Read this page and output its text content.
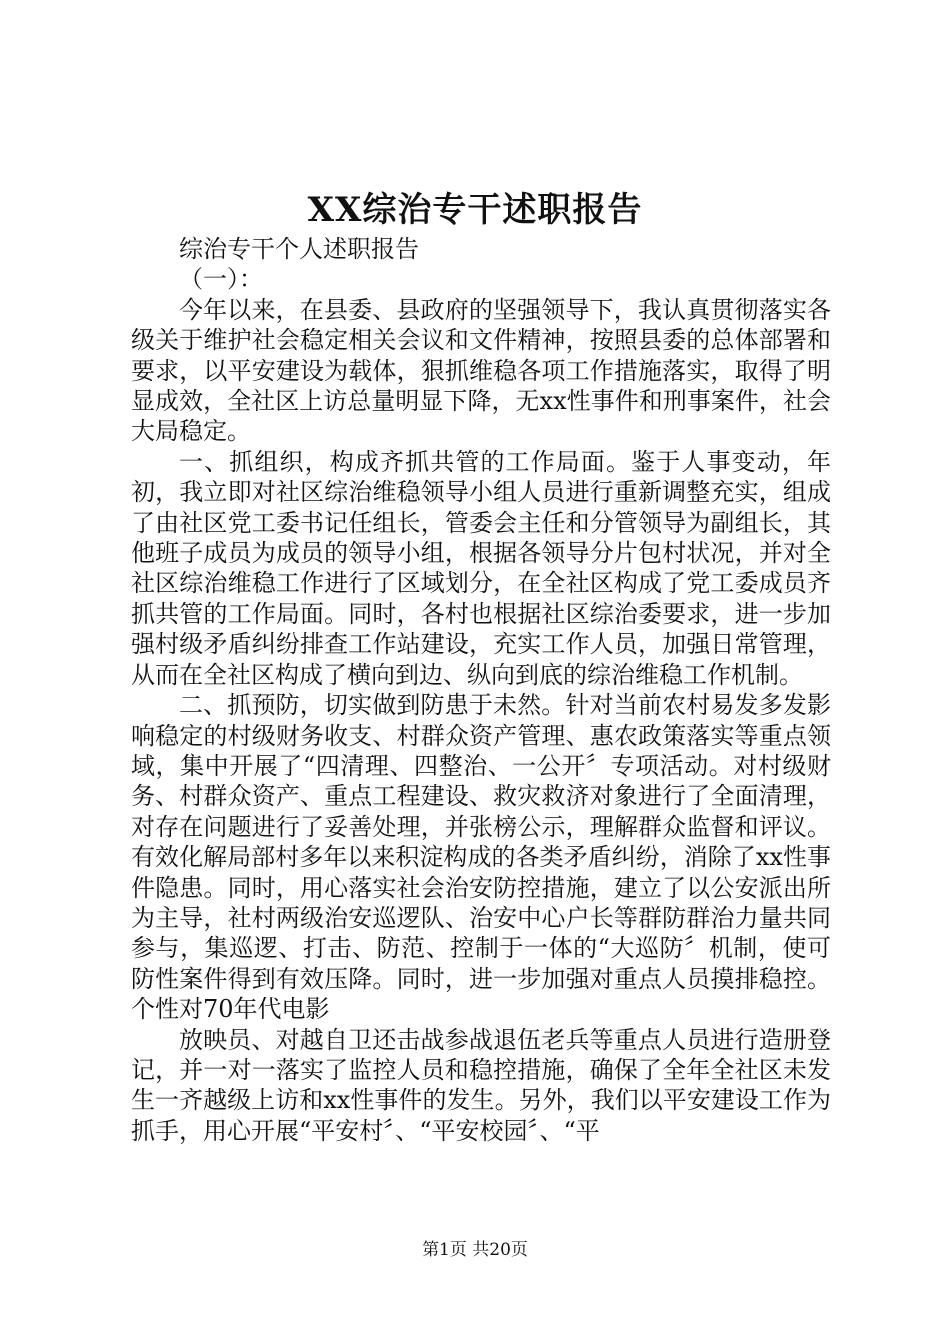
XX综治专干述职报告

综治专干个人述职报告

（一）：

今年以来，在县委、县政府的坚强领导下，我认真贯彻落实各级关于维护社会稳定相关会议和文件精神，按照县委的总体部署和要求，以平安建设为载体，狠抓维稳各项工作措施落实，取得了明显成效，全社区上访总量明显下降，无xx性事件和刑事案件，社会大局稳定。

一、抓组织，构成齐抓共管的工作局面。鉴于人事变动，年初，我立即对社区综治维稳领导小组人员进行重新调整充实，组成了由社区党工委书记任组长，管委会主任和分管领导为副组长，其他班子成员为成员的领导小组，根据各领导分片包村状况，并对全社区综治维稳工作进行了区域划分，在全社区构成了党工委成员齐抓共管的工作局面。同时，各村也根据社区综治委要求，进一步加强村级矛盾纠纷排查工作站建设，充实工作人员，加强日常管理，从而在全社区构成了横向到边、纵向到底的综治维稳工作机制。

二、抓预防，切实做到防患于未然。针对当前农村易发多发影响稳定的村级财务收支、村群众资产管理、惠农政策落实等重点领域，集中开展了“四清理、四整治、一公开〞专项活动。对村级财务、村群众资产、重点工程建设、救灾救济对象进行了全面清理，对存在问题进行了妥善处理，并张榜公示，理解群众监督和评议。有效化解局部村多年以来积淀构成的各类矛盾纠纷，消除了xx性事件隐患。同时，用心落实社会治安防控措施，建立了以公安派出所为主导，社村两级治安巡逻队、治安中心户长等群防群治力量共同参与，集巡逻、打击、防范、控制于一体的“大巡防〞机制，使可防性案件得到有效压降。同时，进一步加强对重点人员摸排稳控。个性对70年代电影

放映员、对越自卫还击战参战退伍老兵等重点人员进行造册登记，并一对一落实了监控人员和稳控措施，确保了全年全社区未发生一齐越级上访和xx性事件的发生。另外，我们以平安建设工作为抓手，用心开展“平安村〞、“平安校园〞、“平

第1页 共20页
